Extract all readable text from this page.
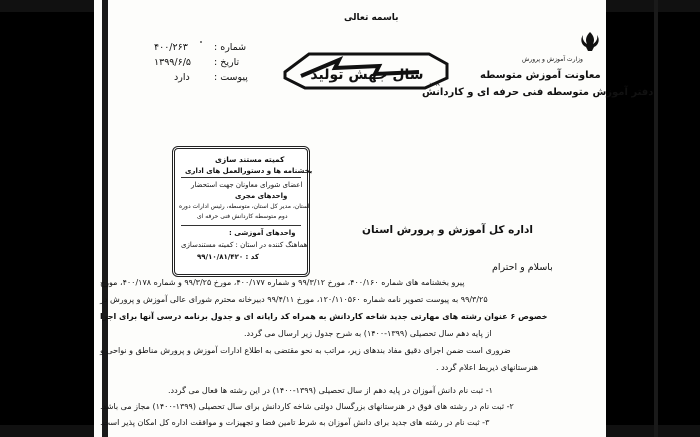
باسمه تعالی
وزارت آموزش و پرورش
معاونت آموزش متوسطه
دفتر آموزش متوسطه فنی حرفه ای و کاردانش
سال جهش تولید
۱۳۹۹
شماره :
۴۰۰/۲۶۳
تاریخ :
۱۳۹۹/۶/۵
پیوست :
دارد
کمیته مستند سازی
بخشنامه ها و دستورالعمل های اداری
اعضای شورای معاونان جهت استحضار
واحدهای مجری
استان، مدیر کل استان، متوسطه، رئیس ادارات دوره
دوم متوسطه کاردانش فنی حرفه ای
واحدهای آموزشی :
هماهنگ کننده در استان : کمیته مستندسازی
کد : ۹۹/۱۰/۸۱/۴۲۰
اداره کل آموزش و پرورش استان
باسلام و احترام
پیرو بخشنامه های شماره ۴۰۰/۱۶۰، مورخ ۹۹/۳/۱۲ و شماره ۴۰۰/۱۷۷، مورخ ۹۹/۳/۲۵ و شماره ۴۰۰/۱۷۸، مورخ
۹۹/۳/۲۵ به پیوست تصویر نامه شماره ۱۲۰/۱۱۰۵۶۰، مورخ ۹۹/۴/۱۱ دبیرخانه محترم شورای عالی آموزش و پرورش در
خصوص ۶ عنوان رشته های مهارتی جدید شاخه کاردانش به همراه کد رایانه ای و جدول برنامه درسی آنها برای اجرا
از پایه دهم سال تحصیلی (۱۳۹۹-۱۴۰۰) به شرح جدول زیر ارسال می گردد.
ضروری است ضمن اجرای دقیق مفاد بندهای زیر، مراتب به نحو مقتضی به اطلاع ادارات آموزش و پرورش مناطق و نواحی و
هنرستانهای ذیربط اعلام گردد .
۱- ثبت نام دانش آموزان در پایه دهم از سال تحصیلی (۱۳۹۹-۱۴۰۰) در این رشته ها فعال می گردد.
۲- ثبت نام در رشته های فوق در هنرستانهای بزرگسال دولتی شاخه کاردانش برای سال تحصیلی (۱۳۹۹-۱۴۰۰) مجاز می باشد.
۳- ثبت نام در رشته های جدید برای دانش آموزان به شرط تامین فضا و تجهیزات و موافقت اداره کل امکان پذیر است.
